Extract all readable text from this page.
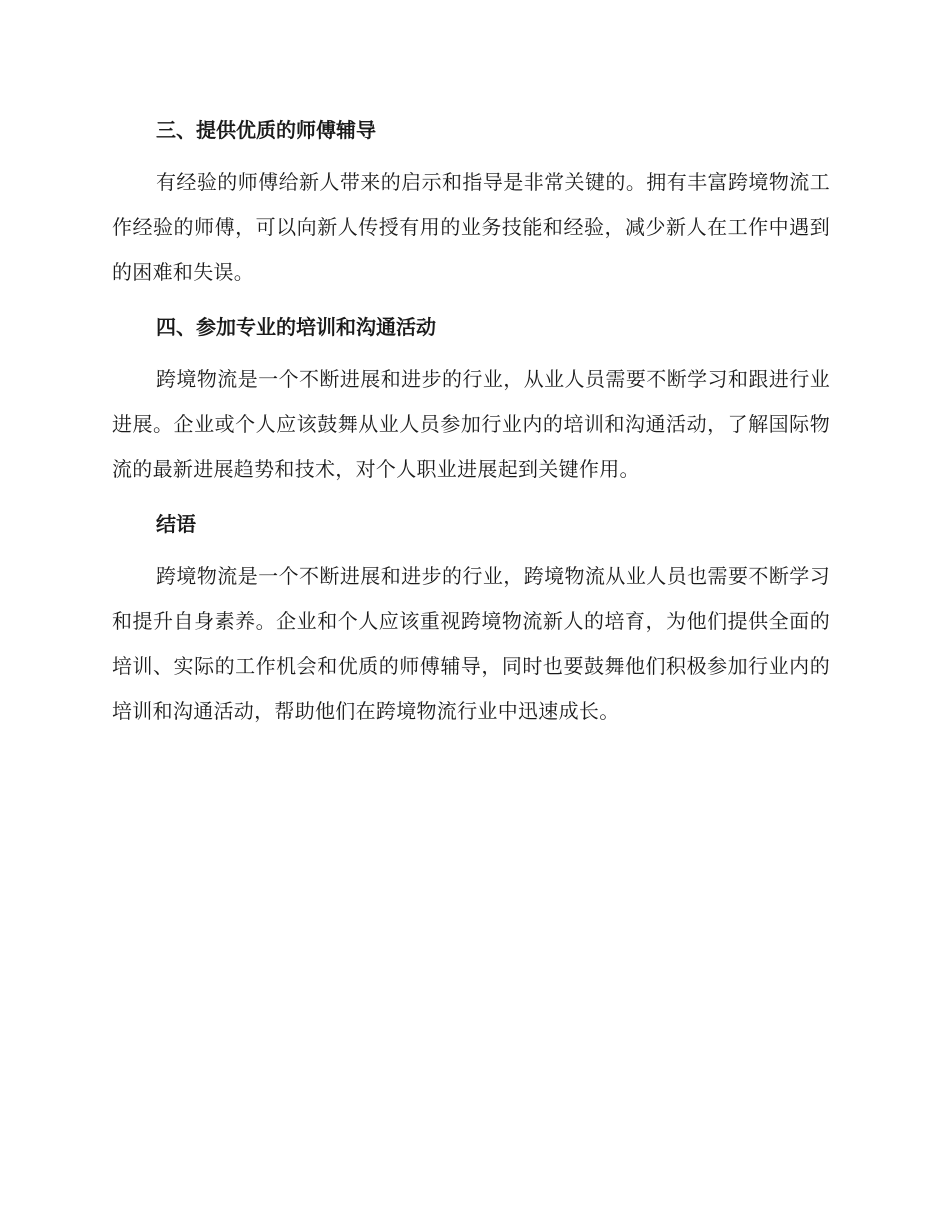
三、提供优质的师傅辅导

有经验的师傅给新人带来的启示和指导是非常关键的。拥有丰富跨境物流工作经验的师傅，可以向新人传授有用的业务技能和经验，减少新人在工作中遇到的困难和失误。

四、参加专业的培训和沟通活动

跨境物流是一个不断进展和进步的行业，从业人员需要不断学习和跟进行业进展。企业或个人应该鼓舞从业人员参加行业内的培训和沟通活动，了解国际物流的最新进展趋势和技术，对个人职业进展起到关键作用。

结语

跨境物流是一个不断进展和进步的行业，跨境物流从业人员也需要不断学习和提升自身素养。企业和个人应该重视跨境物流新人的培育，为他们提供全面的培训、实际的工作机会和优质的师傅辅导，同时也要鼓舞他们积极参加行业内的培训和沟通活动，帮助他们在跨境物流行业中迅速成长。
